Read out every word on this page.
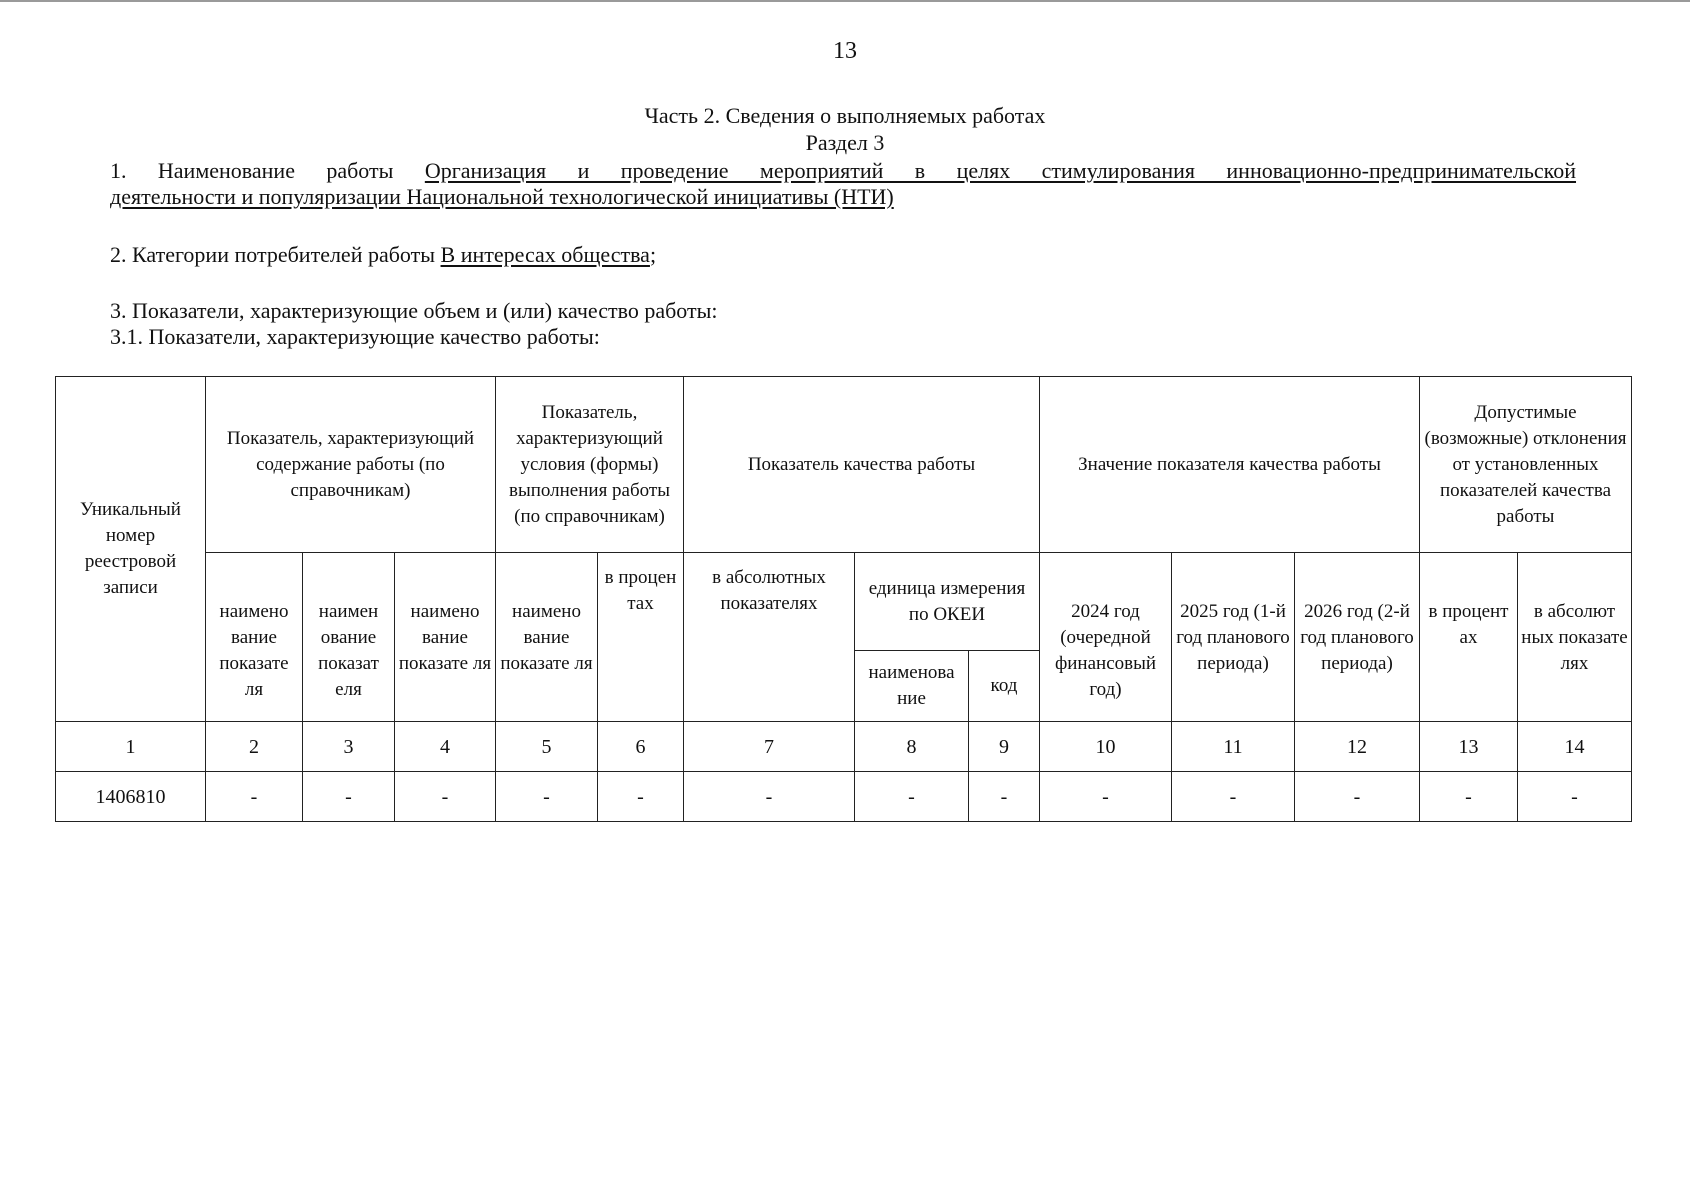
13
Часть 2. Сведения о выполняемых работах
Раздел 3
1. Наименование работы Организация и проведение мероприятий в целях стимулирования инновационно-предпринимательской
деятельности и популяризации Национальной технологической инициативы (НТИ)
2. Категории потребителей работы В интересах общества;
3. Показатели, характеризующие объем и (или) качество работы:
3.1. Показатели, характеризующие качество работы:
Уникальный номер реестровой записи	Показатель, характеризующий содержание работы (по справочникам)			Показатель, характеризующий условия (формы) выполнения работы (по справочникам)		Показатель качества работы			Значение показателя качества работы			Допустимые (возможные) отклонения от установленных показателей качества работы	
	наимено вание показате ля	наимен ование показат еля	наимено вание показате ля	наимено вание показате ля	в процен тах	в абсолютных показателях	единица измерения по ОКЕИ		2024 год (очередной финансовый год)	2025 год (1-й год планового периода)	2026 год (2-й год планового периода)	в процент ах	в абсолют ных показате лях
							наименова ние	код					
1	2	3	4	5	6	7	8	9	10	11	12	13	14
1406810	-	-	-	-	-	-	-	-	-	-	-	-	-
